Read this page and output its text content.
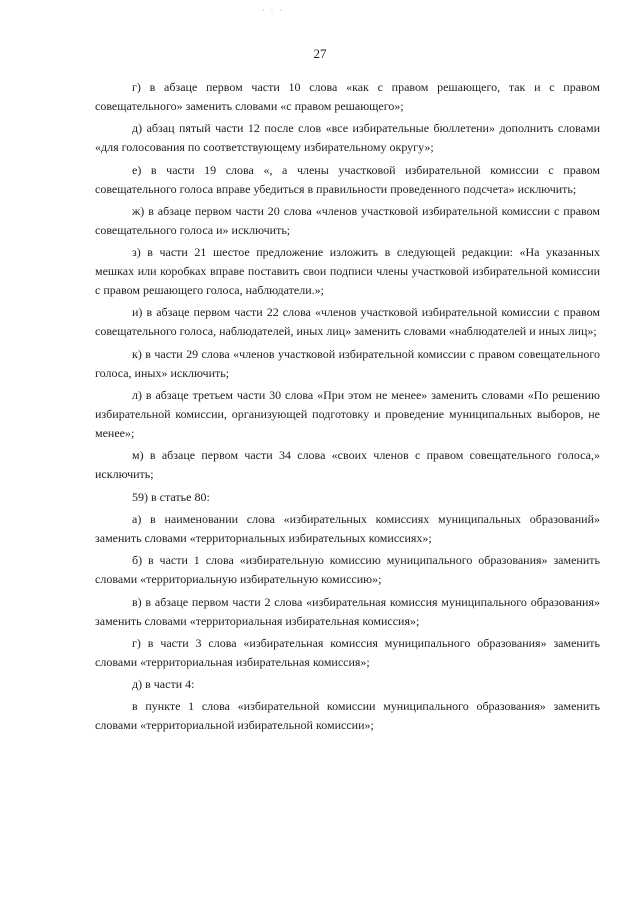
· · ·
27

г) в абзаце первом части 10 слова «как с правом решающего, так и с правом совещательного» заменить словами «с правом решающего»;

д) абзац пятый части 12 после слов «все избирательные бюллетени» дополнить словами «для голосования по соответствующему избирательному округу»;

е) в части 19 слова «, а члены участковой избирательной комиссии с правом совещательного голоса вправе убедиться в правильности проведенного подсчета» исключить;

ж) в абзаце первом части 20 слова «членов участковой избирательной комиссии с правом совещательного голоса и» исключить;

з) в части 21 шестое предложение изложить в следующей редакции: «На указанных мешках или коробках вправе поставить свои подписи члены участковой избирательной комиссии с правом решающего голоса, наблюдатели.»;

и) в абзаце первом части 22 слова «членов участковой избирательной комиссии с правом совещательного голоса, наблюдателей, иных лиц» заменить словами «наблюдателей и иных лиц»;

к) в части 29 слова «членов участковой избирательной комиссии с правом совещательного голоса, иных» исключить;

л) в абзаце третьем части 30 слова «При этом не менее» заменить словами «По решению избирательной комиссии, организующей подготовку и проведение муниципальных выборов, не менее»;

м) в абзаце первом части 34 слова «своих членов с правом совещательного голоса,» исключить;

59) в статье 80:

а) в наименовании слова «избирательных комиссиях муниципальных образований» заменить словами «территориальных избирательных комиссиях»;

б) в части 1 слова «избирательную комиссию муниципального образования» заменить словами «территориальную избирательную комиссию»;

в) в абзаце первом части 2 слова «избирательная комиссия муниципального образования» заменить словами «территориальная избирательная комиссия»;

г) в части 3 слова «избирательная комиссия муниципального образования» заменить словами «территориальная избирательная комиссия»;

д) в части 4:

в пункте 1 слова «избирательной комиссии муниципального образования» заменить словами «территориальной избирательной комиссии»;
